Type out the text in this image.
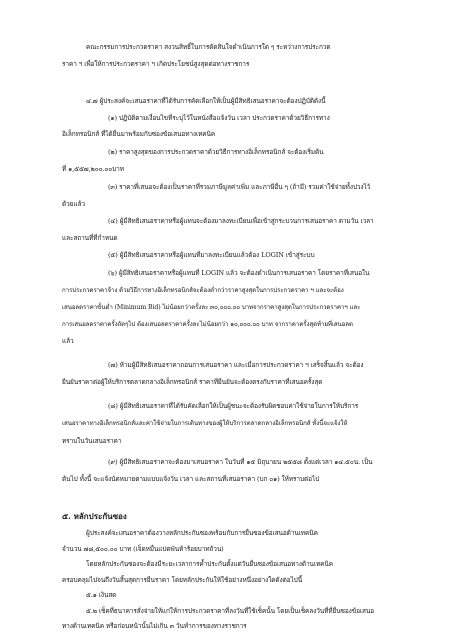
คณะกรรมการประกวดราคา สงวนสิทธิ์ในการตัดสินใจดำเนินการใด ๆ ระหว่างการประกวด
ราคา ฯ เพื่อให้การประกวดราคา ฯ เกิดประโยชน์สูงสุดต่อทางราชการ
๔.๗ ผู้ประสงค์จะเสนอราคาที่ได้รับการคัดเลือกให้เป็นผู้มีสิทธิเสนอราคาจะต้องปฏิบัติดังนี้
(๑) ปฏิบัติตามเงื่อนไขที่ระบุไว้ในหนังสือแจ้งวัน เวลา ประกวดราคาด้วยวิธีการทาง
อิเล็กทรอนิกส์ ที่ได้ยื่นมาพร้อมกับซองข้อเสนอทางเทคนิค
(๒) ราคาสูงสุดของการประกวดราคาด้วยวิธีการทางอิเล็กทรอนิกส์ จะต้องเริ่มต้น
ที่ ๑,๕๕๗,๒๐๐.๐๐บาท
(๓) ราคาที่เสนอจะต้องเป็นราคาที่รวมภาษีมูลค่าเพิ่ม และภาษีอื่น ๆ (ถ้ามี) รวมค่าใช้จ่ายทั้งปวงไว้
ด้วยแล้ว
(๔) ผู้มีสิทธิเสนอราคาหรือผู้แทนจะต้องมาลงทะเบียนเพื่อเข้าสู่กระบวนการเสนอราคา ตามวัน เวลา
และสถานที่ที่กำหนด
(๕) ผู้มีสิทธิเสนอราคาหรือผู้แทนที่มาลงทะเบียนแล้วต้อง LOGIN เข้าสู่ระบบ
(๖) ผู้มีสิทธิเสนอราคาหรือผู้แทนที่ LOGIN แล้ว จะต้องดำเนินการเสนอราคา โดยราคาที่เสนอใน
การประกวดราคาจ้าง ด้วยวิธีการทางอิเล็กทรอนิกส์จะต้องต่ำกว่าราคาสูงสุดในการประกวดราคา ฯ และจะต้อง
เสนอลดราคาขั้นต่ำ (Minimum Bid) ไม่น้อยกว่าครั้งละ ๓๐,๐๐๐.๐๐ บาทจากราคาสูงสุดในการประกวดราคาฯ และ
การเสนอลดราคาครั้งถัดๆไป ต้องเสนอลดราคาครั้งละไม่น้อยกว่า ๑๐,๐๐๐.๐๐ บาท จากราคาครั้งสุดท้ายที่เสนอลด
แล้ว
(๗) ห้ามผู้มีสิทธิเสนอราคาถอนการเสนอราคา และเมื่อการประกวดราคา ฯ เสร็จสิ้นแล้ว จะต้อง
ยืนยันราคาต่อผู้ให้บริการตลาดกลางอิเล็กทรอนิกส์ ราคาที่ยืนยันจะต้องตรงกับราคาที่เสนอครั้งสุด
(๘) ผู้มีสิทธิเสนอราคาที่ได้รับคัดเลือกให้เป็นผู้ชนะจะต้องรับผิดชอบค่าใช้จ่ายในการให้บริการ
เสนอราคาทางอิเล็กทรอนิกส์และค่าใช้จ่ายในการเดินทางของผู้ให้บริการตลาดกลางอิเล็กทรอนิกส์ ทั้งนี้จะแจ้งให้
ทราบในวันเสนอราคา
(๙) ผู้มีสิทธิเสนอราคาจะต้องมาเสนอราคา ในวันที่ ๑๕ มิถุนายน ๒๕๕๘ ตั้งแต่เวลา ๑๔.๕๐น. เป็น
ต้นไป ทั้งนี้ จะแจ้งนัดหมายตามแบบแจ้งวัน เวลา และสถานที่เสนอราคา (บก ๐๑) ให้ทราบต่อไป
๕. หลักประกันซอง
ผู้ประสงค์จะเสนอราคาต้องวางหลักประกันซองพร้อมกับการยื่นซองข้อเสนอด้านเทคนิค
จำนวน ๗๘,๕๐๐.๐๐ บาท (เจ็ดหมื่นแปดพันห้าร้อยบาทถ้วน)
โดยหลักประกันซองจะต้องมีระยะเวลาการค้ำประกันตั้งแต่วันยื่นซองข้อเสนอทางด้านเทคนิค
ครอบคลุมไปจนถึงวันสิ้นสุดการยืนราคา โดยหลักประกันให้ใช้อย่างหนึ่งอย่างใดดังต่อไปนี้
๕.๑ เงินสด
๕.๒ เช็คที่ธนาคารสั่งจ่ายให้แก่ให้การประกวดราคาที่ลงวันที่ใช้เช็คนั้น โดยเป็นเช็คลงวันที่ที่ยื่นซองข้อเสนอ
ทางด้านเทคนิค หรือก่อนหน้านั้นไม่เกิน ๓ วันทำการของทางราชการ
